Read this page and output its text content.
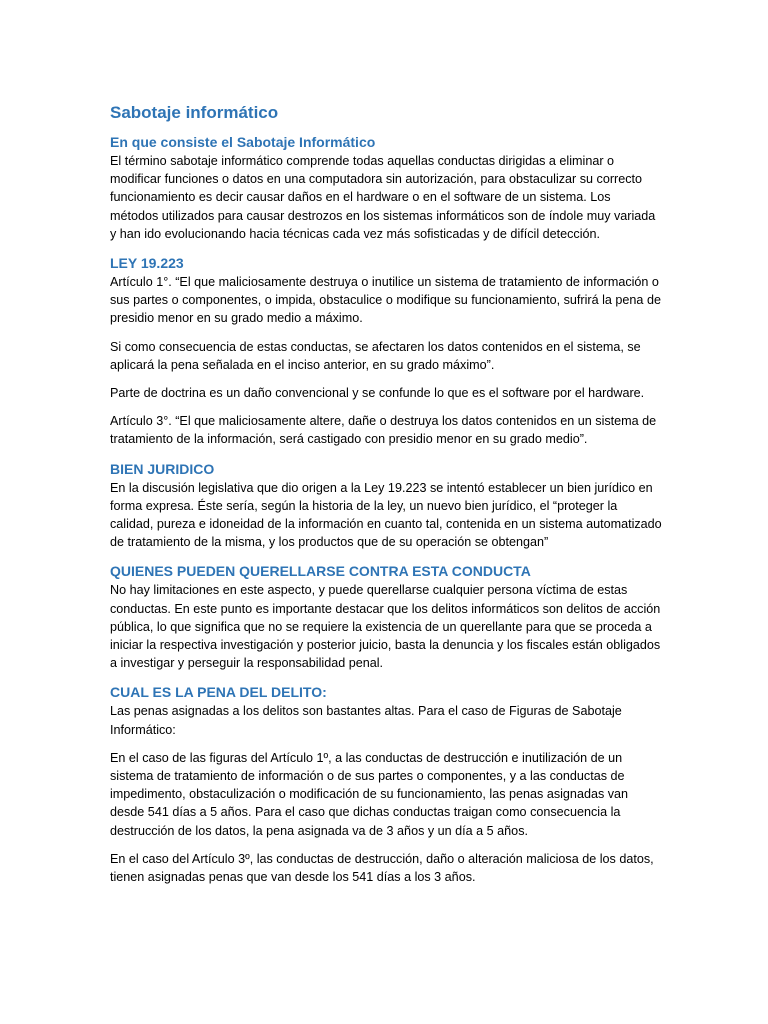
Sabotaje informático
En que consiste el Sabotaje Informático

El término sabotaje informático comprende todas aquellas conductas dirigidas a eliminar o modificar funciones o datos en una computadora sin autorización, para obstaculizar su correcto funcionamiento es decir causar daños en el hardware o en el software de un sistema. Los métodos utilizados para causar destrozos en los sistemas informáticos son de índole muy variada y han ido evolucionando hacia técnicas cada vez más sofisticadas y de difícil detección.

LEY 19.223

Artículo 1°. “El que maliciosamente destruya o inutilice un sistema de tratamiento de información o sus partes o componentes, o impida, obstaculice o modifique su funcionamiento, sufrirá la pena de presidio menor en su grado medio a máximo.

Si como consecuencia de estas conductas, se afectaren los datos contenidos en el sistema, se aplicará la pena señalada en el inciso anterior, en su grado máximo”.

Parte de doctrina es un daño convencional y se confunde lo que es el software por el hardware.

Artículo 3°. “El que maliciosamente altere, dañe o destruya los datos contenidos en un sistema de tratamiento de la información, será castigado con presidio menor en su grado medio”.

BIEN JURIDICO

En la discusión legislativa que dio origen a la Ley 19.223 se intentó establecer un bien jurídico en forma expresa. Éste sería, según la historia de la ley, un nuevo bien jurídico, el “proteger la calidad, pureza e idoneidad de la información en cuanto tal, contenida en un sistema automatizado de tratamiento de la misma, y los productos que de su operación se obtengan”

QUIENES PUEDEN QUERELLARSE CONTRA ESTA CONDUCTA

No hay limitaciones en este aspecto, y puede querellarse cualquier persona víctima de estas conductas. En este punto es importante destacar que los delitos informáticos son delitos de acción pública, lo que significa que no se requiere la existencia de un querellante para que se proceda a iniciar la respectiva investigación y posterior juicio, basta la denuncia y los fiscales están obligados a investigar y perseguir la responsabilidad penal.

CUAL ES LA PENA DEL DELITO:

Las penas asignadas a los delitos son bastantes altas. Para el caso de Figuras de Sabotaje Informático:

En el caso de las figuras del Artículo 1º, a las conductas de destrucción e inutilización de un sistema de tratamiento de información o de sus partes o componentes, y a las conductas de impedimento, obstaculización o modificación de su funcionamiento, las penas asignadas van desde 541 días a 5 años. Para el caso que dichas conductas traigan como consecuencia la destrucción de los datos, la pena asignada va de 3 años y un día a 5 años.

En el caso del Artículo 3º, las conductas de destrucción, daño o alteración maliciosa de los datos, tienen asignadas penas que van desde los 541 días a los 3 años.
